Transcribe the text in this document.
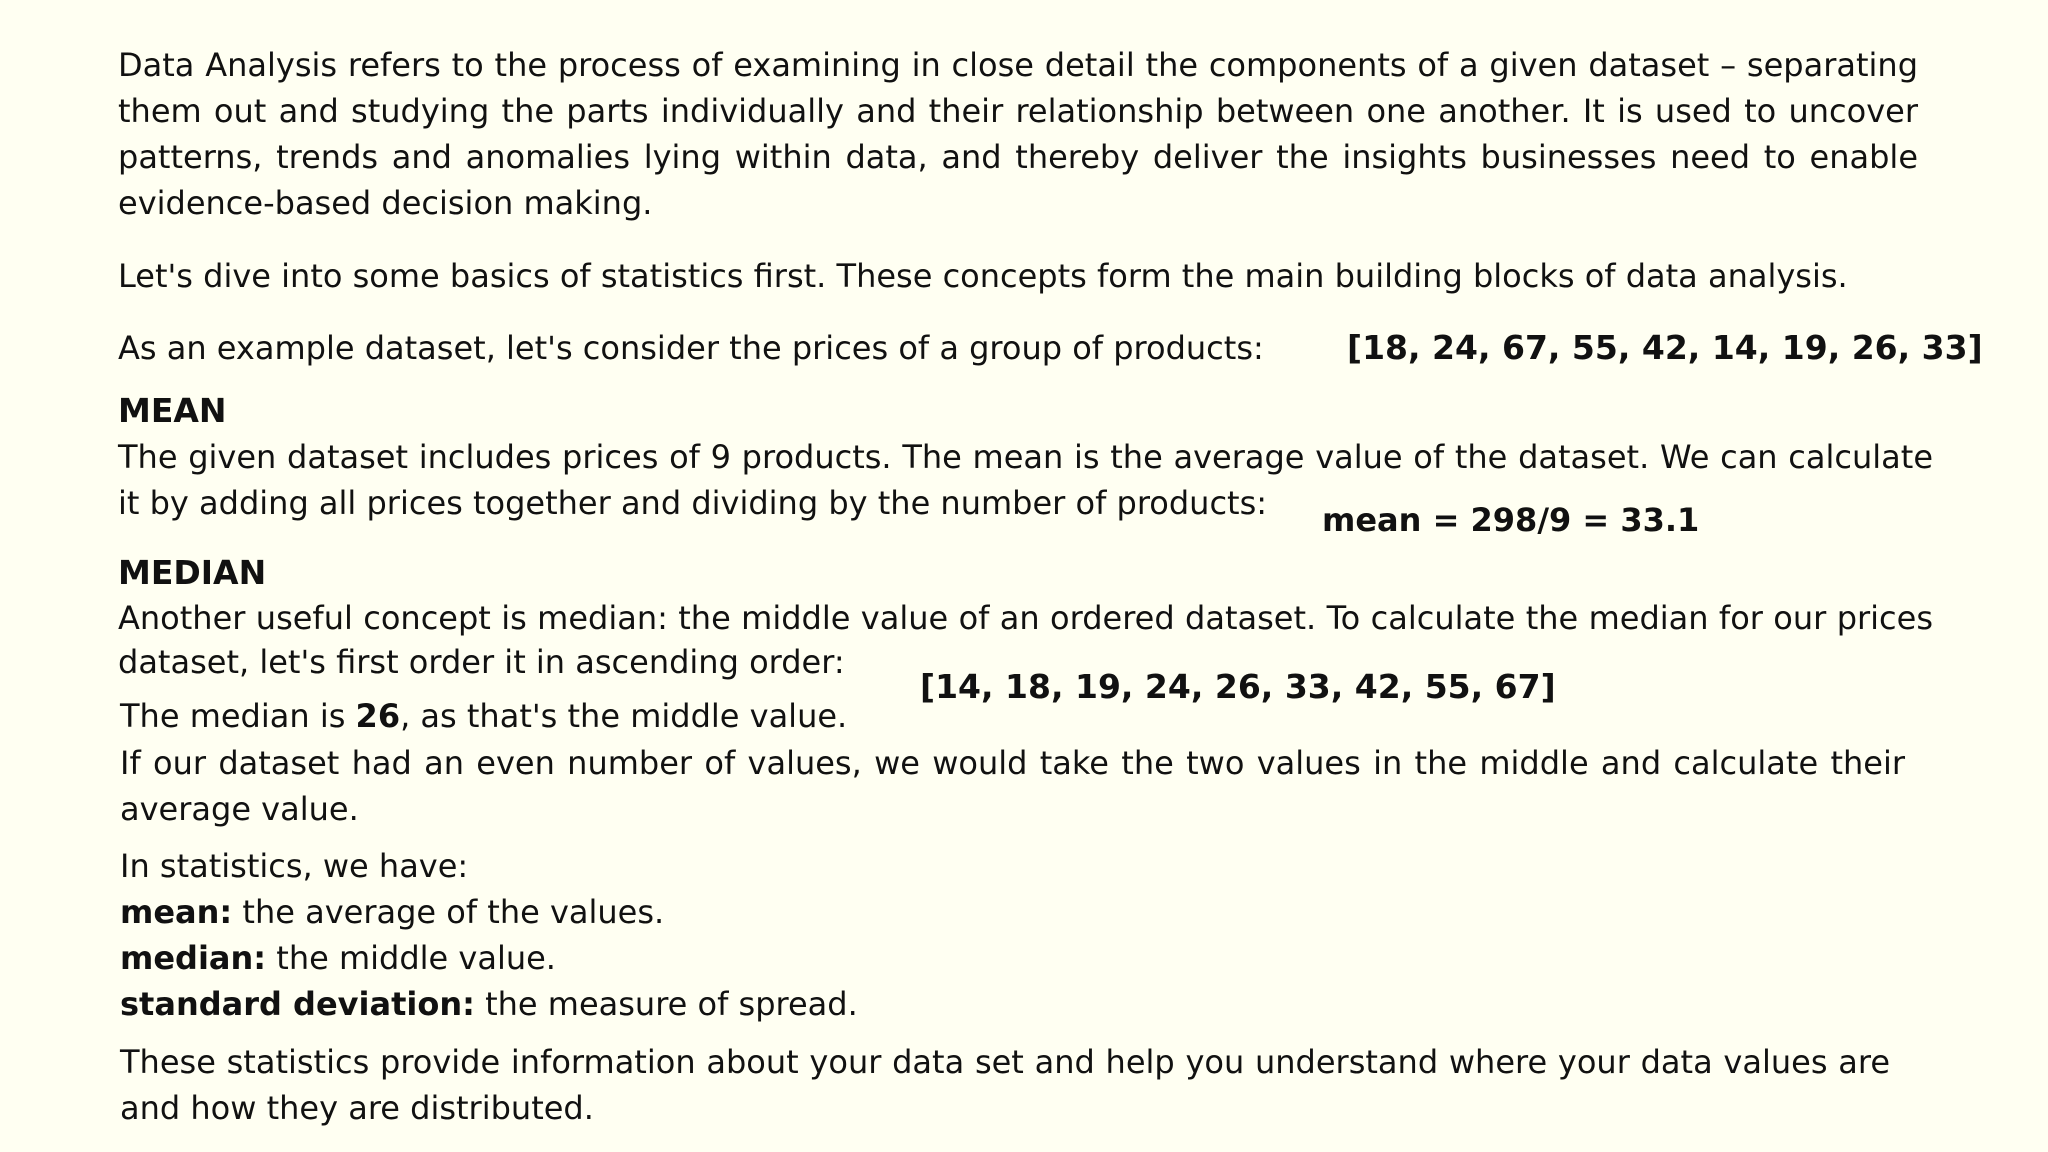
Data Analysis refers to the process of examining in close detail the components of a given dataset – separating them out and studying the parts individually and their relationship between one another. It is used to uncover patterns, trends and anomalies lying within data, and thereby deliver the insights businesses need to enable evidence-based decision making.

Let's dive into some basics of statistics first. These concepts form the main building blocks of data analysis.

As an example dataset, let's consider the prices of a group of products:	[18, 24, 67, 55, 42, 14, 19, 26, 33]
MEAN

The given dataset includes prices of 9 products. The mean is the average value of the dataset. We can calculate it by adding all prices together and dividing by the number of products:	mean = 298/9 = 33.1
MEDIAN

Another useful concept is median: the middle value of an ordered dataset. To calculate the median for our prices dataset, let's first order it in ascending order:

[14, 18, 19, 24, 26, 33, 42, 55, 67]

The median is 26, as that's the middle value.

If our dataset had an even number of values, we would take the two values in the middle and calculate their average value.

In statistics, we have:

mean: the average of the values.

median: the middle value.

standard deviation: the measure of spread.

These statistics provide information about your data set and help you understand where your data values are and how they are distributed.
